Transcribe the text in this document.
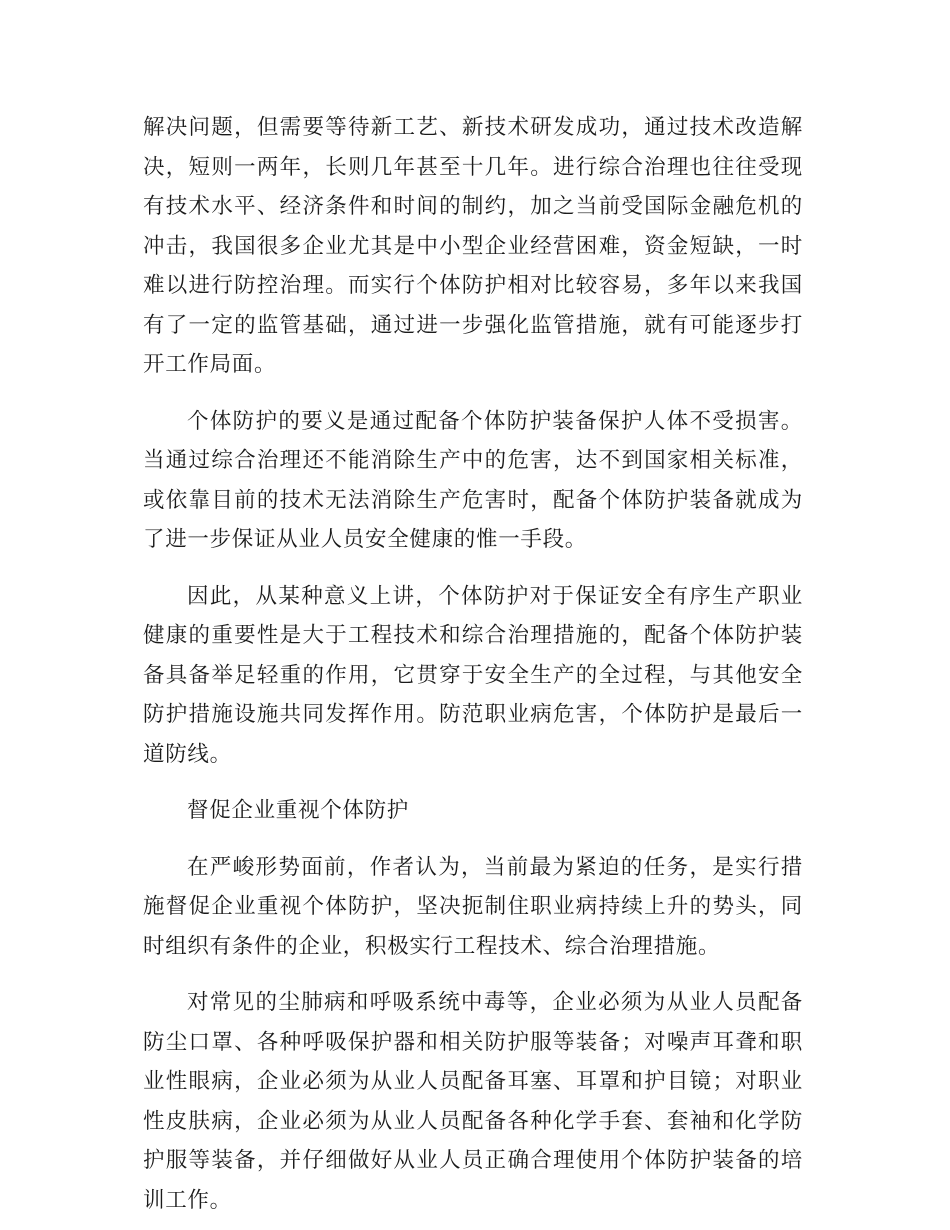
解决问题，但需要等待新工艺、新技术研发成功，通过技术改造解决，短则一两年，长则几年甚至十几年。进行综合治理也往往受现有技术水平、经济条件和时间的制约，加之当前受国际金融危机的冲击，我国很多企业尤其是中小型企业经营困难，资金短缺，一时难以进行防控治理。而实行个体防护相对比较容易，多年以来我国有了一定的监管基础，通过进一步强化监管措施，就有可能逐步打开工作局面。

个体防护的要义是通过配备个体防护装备保护人体不受损害。当通过综合治理还不能消除生产中的危害，达不到国家相关标准，或依靠目前的技术无法消除生产危害时，配备个体防护装备就成为了进一步保证从业人员安全健康的惟一手段。

因此，从某种意义上讲，个体防护对于保证安全有序生产职业健康的重要性是大于工程技术和综合治理措施的，配备个体防护装备具备举足轻重的作用，它贯穿于安全生产的全过程，与其他安全防护措施设施共同发挥作用。防范职业病危害，个体防护是最后一道防线。

督促企业重视个体防护

在严峻形势面前，作者认为，当前最为紧迫的任务，是实行措施督促企业重视个体防护，坚决扼制住职业病持续上升的势头，同时组织有条件的企业，积极实行工程技术、综合治理措施。

对常见的尘肺病和呼吸系统中毒等，企业必须为从业人员配备防尘口罩、各种呼吸保护器和相关防护服等装备；对噪声耳聋和职业性眼病，企业必须为从业人员配备耳塞、耳罩和护目镜；对职业性皮肤病，企业必须为从业人员配备各种化学手套、套袖和化学防护服等装备，并仔细做好从业人员正确合理使用个体防护装备的培训工作。
